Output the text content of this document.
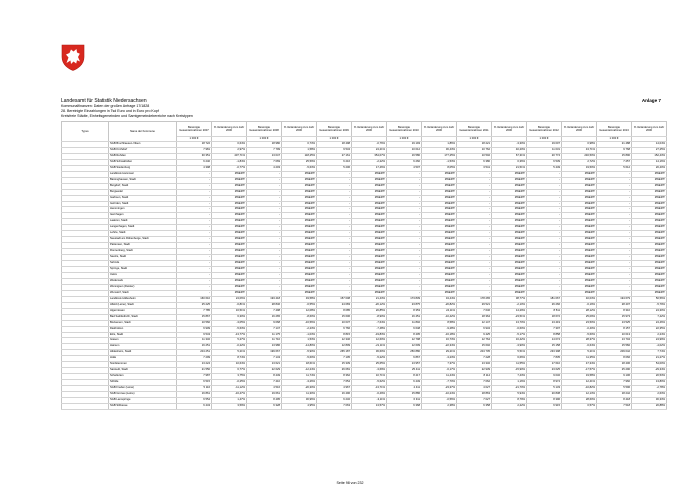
Landesamt für Statistik Niedersachsen
Kommunalfinanzen: Daten der großen Anfrage 17/1828
28. Bereinigte Einzahlungen in Tsd Euro und in Euro pro Kopf
Kreisfreie Städte, Einheitsgemeinden und Samtgemeindebereiche nach Kreistypen
Anlage 7
Typus	Name der Kommune	Bereinigte Gesamteinnahmen 2007	% Veränderung zum Jahr 2000	Bereinigte Gesamteinnahmen 2008	% Veränderung zum Jahr 2000	Bereinigte Gesamteinnahmen 2009	% Veränderung zum Jahr 2000	Bereinigte Gesamteinnahmen 2010	% Veränderung zum Jahr 2000	Bereinigte Gesamteinnahmen 2011	% Veränderung zum Jahr 2000	Bereinigte Gesamteinnahmen 2012	% Veränderung zum Jahr 2000	Bereinigte Gesamteinnahmen 2013	% Veränderung zum Jahr 2000
		1 000 €		1 000 €		1 000 €		1 000 €		1 000 €		1 000 €		1 000 €	
	SGB Bruchhausen-Vilsen	18 722	0,64%	18 980	0,73%	18 498	-0,76%	19 193	1,86%	18 221	-3,30%	19 007	0,98%	21 488	14,04%
	SGB Kirchdorf	7 981	2,97%	7 799	1,58%	9 534	24,21%	10 012	30,43%	10 762	40,20%	11 031	43,71%	9 768	27,25%
	SGB Rehden	30 351	407,71%	13 047	118,25%	27 161	354,07%	16 580	177,25%	10 502	67,31%	20 774	246,50%	15 890	152,43%
	SGB Schwaförden	6 240	-1,84%	7 069	25,59%	6 216	-2,22%	6 260	-1,53%	6 380	0,36%	6 539	2,72%	7 257	14,16%
	SGB Siedenburg	4 398	-0,77%	4 203	-5,63%	5 206	17,46%	4 507	8,05%	3 541	21,51%	5 449	19,50%	5 612	20,40%
	Landkreis Hannover	-	#WERT!	-	#WERT!	-	#WERT!	-	#WERT!	-	#WERT!	-	#WERT!	-	#WERT!
	Barsinghausen, Stadt	-	#WERT!	-	#WERT!	-	#WERT!	-	#WERT!	-	#WERT!	-	#WERT!	-	#WERT!
	Burgdorf, Stadt	-	#WERT!	-	#WERT!	-	#WERT!	-	#WERT!	-	#WERT!	-	#WERT!	-	#WERT!
	Burgwedel	-	#WERT!	-	#WERT!	-	#WERT!	-	#WERT!	-	#WERT!	-	#WERT!	-	#WERT!
	Garbsen, Stadt	-	#WERT!	-	#WERT!	-	#WERT!	-	#WERT!	-	#WERT!	-	#WERT!	-	#WERT!
	Gehrden, Stadt	-	#WERT!	-	#WERT!	-	#WERT!	-	#WERT!	-	#WERT!	-	#WERT!	-	#WERT!
	Hemmingen	-	#WERT!	-	#WERT!	-	#WERT!	-	#WERT!	-	#WERT!	-	#WERT!	-	#WERT!
	Isernhagen	-	#WERT!	-	#WERT!	-	#WERT!	-	#WERT!	-	#WERT!	-	#WERT!	-	#WERT!
	Laatzen, Stadt	-	#WERT!	-	#WERT!	-	#WERT!	-	#WERT!	-	#WERT!	-	#WERT!	-	#WERT!
	Langenhagen, Stadt	-	#WERT!	-	#WERT!	-	#WERT!	-	#WERT!	-	#WERT!	-	#WERT!	-	#WERT!
	Lehrte, Stadt	-	#WERT!	-	#WERT!	-	#WERT!	-	#WERT!	-	#WERT!	-	#WERT!	-	#WERT!
	Neustadt am Rübenberge, Stadt	-	#WERT!	-	#WERT!	-	#WERT!	-	#WERT!	-	#WERT!	-	#WERT!	-	#WERT!
	Pattensen, Stadt	-	#WERT!	-	#WERT!	-	#WERT!	-	#WERT!	-	#WERT!	-	#WERT!	-	#WERT!
	Ronnenberg, Stadt	-	#WERT!	-	#WERT!	-	#WERT!	-	#WERT!	-	#WERT!	-	#WERT!	-	#WERT!
	Seelze, Stadt	-	#WERT!	-	#WERT!	-	#WERT!	-	#WERT!	-	#WERT!	-	#WERT!	-	#WERT!
	Sehnde	-	#WERT!	-	#WERT!	-	#WERT!	-	#WERT!	-	#WERT!	-	#WERT!	-	#WERT!
	Springe, Stadt	-	#WERT!	-	#WERT!	-	#WERT!	-	#WERT!	-	#WERT!	-	#WERT!	-	#WERT!
	Uetze	-	#WERT!	-	#WERT!	-	#WERT!	-	#WERT!	-	#WERT!	-	#WERT!	-	#WERT!
	Wedemark	-	#WERT!	-	#WERT!	-	#WERT!	-	#WERT!	-	#WERT!	-	#WERT!	-	#WERT!
	Wennigsen (Deister)	-	#WERT!	-	#WERT!	-	#WERT!	-	#WERT!	-	#WERT!	-	#WERT!	-	#WERT!
	Wunstorf, Stadt	-	#WERT!	-	#WERT!	-	#WERT!	-	#WERT!	-	#WERT!	-	#WERT!	-	#WERT!
	Landkreis Hildesheim	160 610	24,06%	193 418	49,58%	157 008	21,43%	173 839	34,44%	178 265	38,77%	181 067	40,03%	194 679	50,56%
	Alfeld (Leine), Stadt	25 225	-6,81%	28 846	-6,55%	24 083	-20,12%	23 875	-20,82%	29 521	-2,10%	26 266	-6,19%	28 407	-5,79%
	Algermissen	7 785	16,51%	7 498	12,08%	8 085	20,85%	8 353	24,11%	7 646	14,29%	8 511	28,12%	8 310	24,30%
	Bad Salzdetfurth, Stadt	15 867	6,30%	16 265	-8,60%	15 606	-8,90%	16 451	-10,42%	18 364	-23,51%	18 672	25,09%	15 973	7,42%
	Bockenem, Stadt	10 560	-3,05%	9 068	-16,56%	10 037	-7,64%	11 802	8,58%	12 147	13,70%	13 419	23,50%	13 525	24,46%
	Diekholzen	6 909	-5,63%	7 147	-2,23%	6 766	-7,48%	6 648	-9,28%	6 934	-6,60%	7 307	-0,40%	8 157	22,35%
	Elze, Stadt	9 543	-13,77%	11 175	-1,03%	8 815	-19,83%	8 405	-16,18%	9 425	-5,17%	8 858	-5,60%	10 013	2,24%
	Giesen	11 332	5,27%	11 710	1,53%	12 346	12,60%	12 798	16,73%	12 764	16,42%	14 074	28,37%	13 704	24,99%
	Harsum	16 251	-0,22%	13 986	-14,80%	12 809	-21,11%	12 609	-22,34%	15 602	-3,90%	15 158	-6,64%	15 582	-4,02%
	Hildesheim, Stadt	204 251	5,21%	199 667	-5,90%	265 187	36,60%	250 880	29,21%	204 705	5,51%	233 398	5,21%	209 042	7,74%
	Holle	7 299	8,74%	7 143	-5,60%	7 105	-5,22%	6 867	-3,23%	7 228	6,66%	7 835	11,35%	8 066	21,27%
	Nordstemmen	13 224	10,64%	13 621	18,61%	15 339	25,65%	13 957	7,37%	13 332	11,55%	17 610	47,34%	18 406	54,00%
	Sarstedt, Stadt	21 550	6,77%	22 629	-12,24%	26 081	-3,69%	25 411	-6,17%	22 939	-15,90%	23 625	-17,57%	25 290	-29,34%
	Schellerten	7 987	3,75%	8 449	11,74%	8 362	10,71%	8 417	11,44%	8 114	7,43%	9 032	19,58%	9 106	20,53%
	Söhlde	6 515	-0,25%	7 410	-3,26%	7 654	-5,62%	6 449	-7,70%	7 062	1,16%	8 974	12,41%	7 960	13,80%
	SGB Freden (Leine)	5 116	-11,12%	4 516	-20,30%	4 967	-13,71%	4 411	-23,37%	4 027	-21,70%	5 133	-10,82%	5 596	-2,78%
	SGB Gronau (Leine)	16 861	-16,47%	19 661	11,30%	16 496	-6,49%	15 886	-10,24%	18 863	5,94%	20 838	12,13%	18 242	2,63%
	SGB Lamspringe	6 554	1,47%	8 495	30,96%	6 232	-3,11%	6 311	-0,56%	7 027	8,79%	8 396	28,60%	8 418	30,33%
	SGB Sibbesse	6 443	3,59%	6 328	4,95%	7 063	13,57%	6 368	2,38%	6 358	2,22%	6 915	0,57%	7 518	20,88%
Seite 98 von 232
